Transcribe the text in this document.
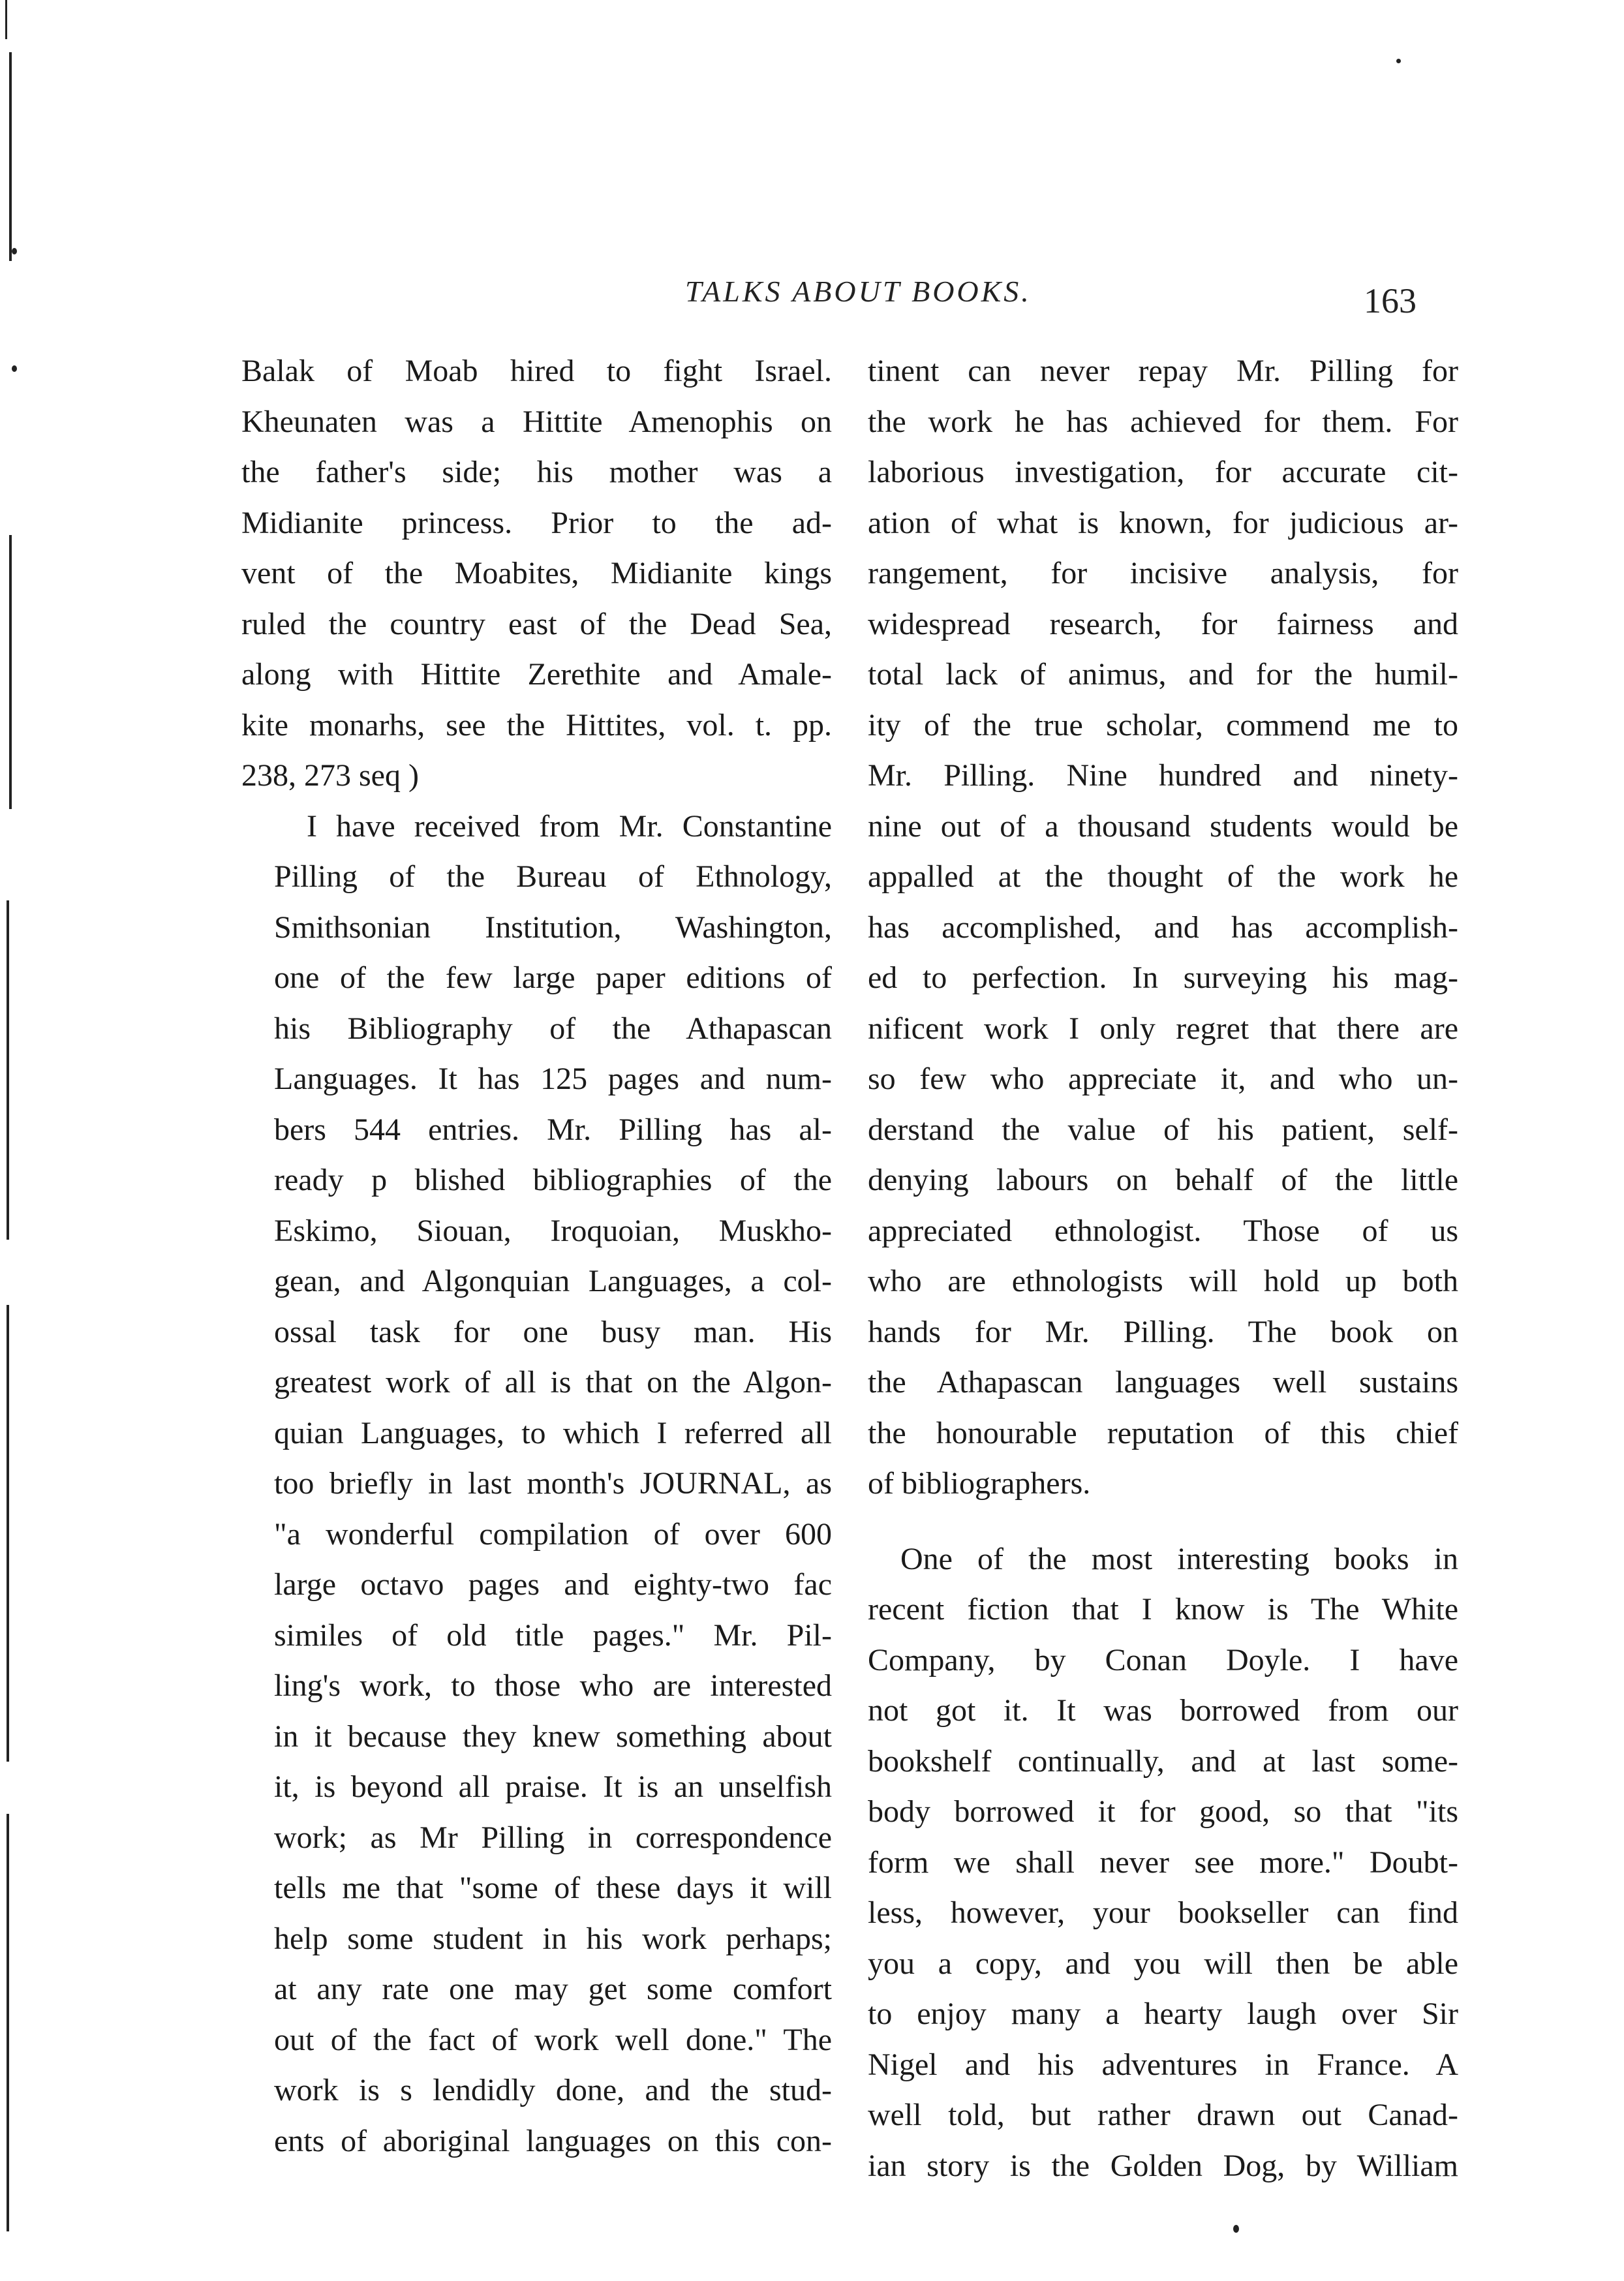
TALKS ABOUT BOOKS.	163

Balak of Moab hired to fight Israel.
Kheunaten was a Hittite Amenophis on
the father's side; his mother was a
Midianite princess. Prior to the ad-
vent of the Moabites, Midianite kings
ruled the country east of the Dead Sea,
along with Hittite Zerethite and Amale-
kite monarhs, see the Hittites, vol. t. pp.
238, 273 seq )

I have received from Mr. Constantine
Pilling of the Bureau of Ethnology,
Smithsonian Institution, Washington,
one of the few large paper editions of
his Bibliography of the Athapascan
Languages. It has 125 pages and num-
bers 544 entries. Mr. Pilling has al-
ready p blished bibliographies of the
Eskimo, Siouan, Iroquoian, Muskho-
gean, and Algonquian Languages, a col-
ossal task for one busy man. His
greatest work of all is that on the Algon-
quian Languages, to which I referred all
too briefly in last month's JOURNAL, as
"a wonderful compilation of over 600
large octavo pages and eighty-two fac
similes of old title pages." Mr. Pil-
ling's work, to those who are interested
in it because they knew something about
it, is beyond all praise. It is an unselfish
work; as Mr Pilling in correspondence
tells me that "some of these days it will
help some student in his work perhaps;
at any rate one may get some comfort
out of the fact of work well done." The
work is s lendidly done, and the stud-
ents of aboriginal languages on this con-

tinent can never repay Mr. Pilling for
the work he has achieved for them. For
laborious investigation, for accurate cit-
ation of what is known, for judicious ar-
rangement, for incisive analysis, for
widespread research, for fairness and
total lack of animus, and for the humil-
ity of the true scholar, commend me to
Mr. Pilling. Nine hundred and ninety-
nine out of a thousand students would be
appalled at the thought of the work he
has accomplished, and has accomplish-
ed to perfection. In surveying his mag-
nificent work I only regret that there are
so few who appreciate it, and who un-
derstand the value of his patient, self-
denying labours on behalf of the little
appreciated ethnologist. Those of us
who are ethnologists will hold up both
hands for Mr. Pilling. The book on
the Athapascan languages well sustains
the honourable reputation of this chief
of bibliographers.

One of the most interesting books in
recent fiction that I know is The White
Company, by Conan Doyle. I have
not got it. It was borrowed from our
bookshelf continually, and at last some-
body borrowed it for good, so that "its
form we shall never see more." Doubt-
less, however, your bookseller can find
you a copy, and you will then be able
to enjoy many a hearty laugh over Sir
Nigel and his adventures in France. A
well told, but rather drawn out Canad-
ian story is the Golden Dog, by William
